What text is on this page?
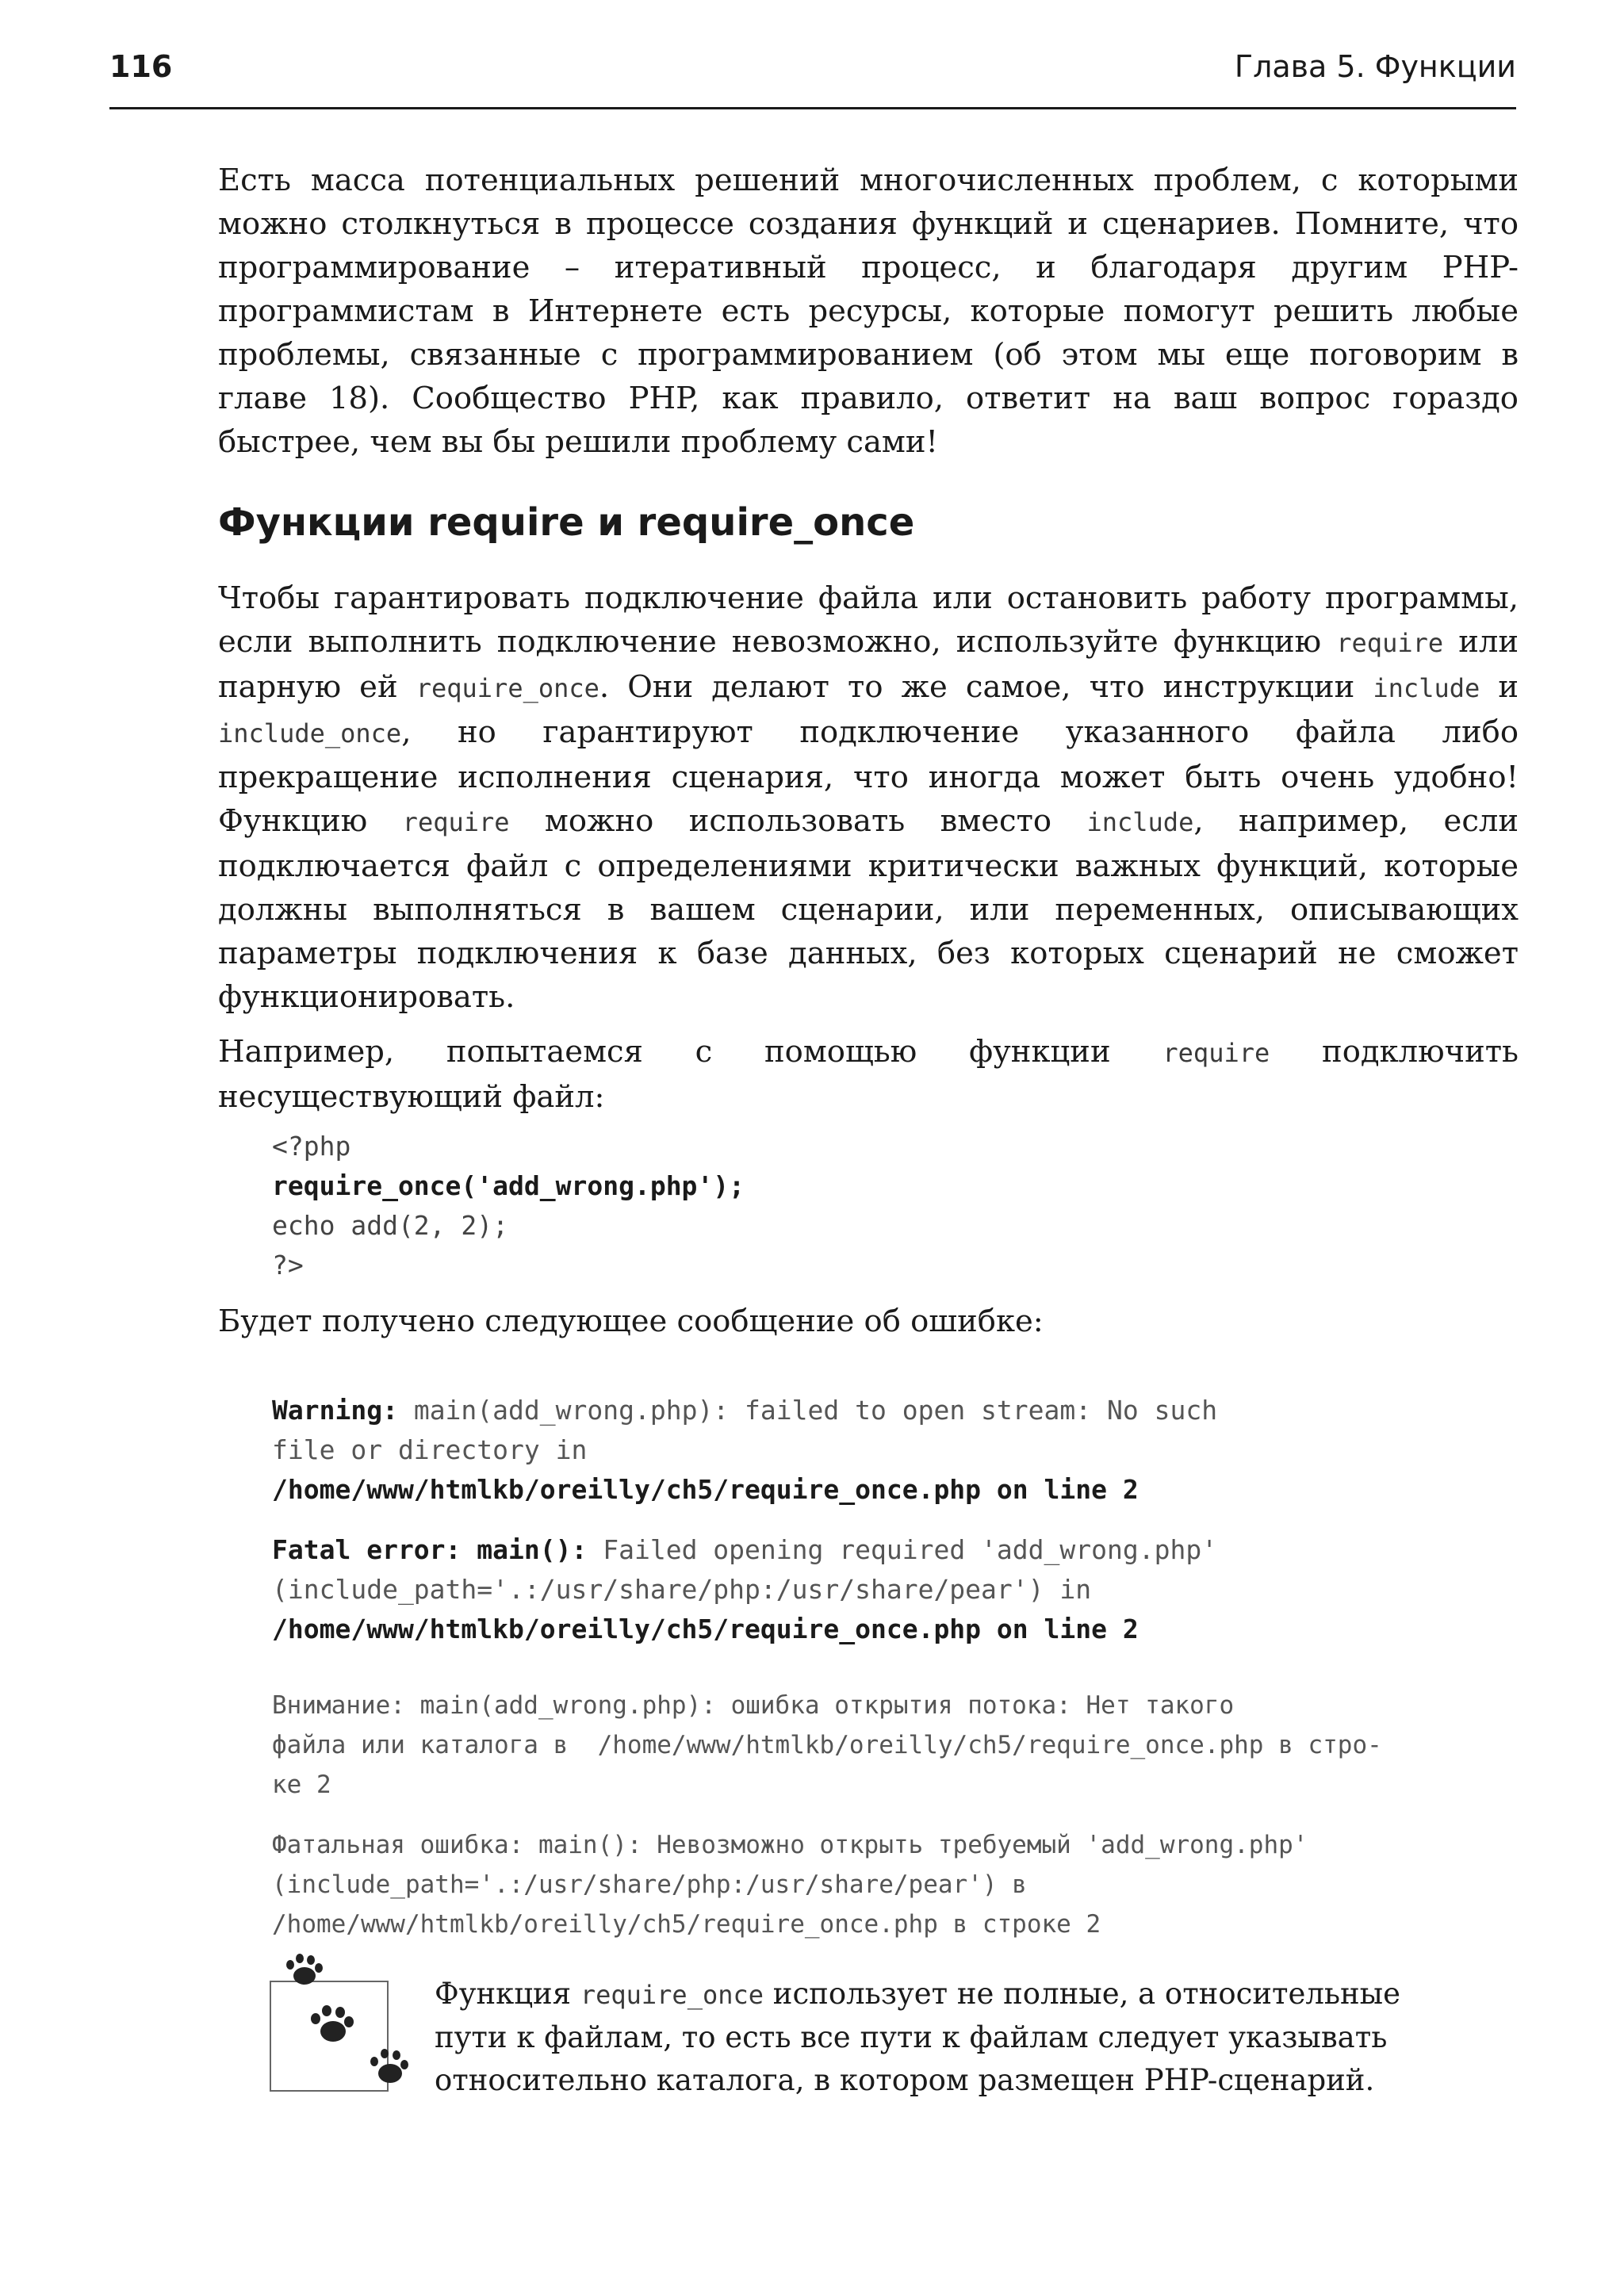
116	Глава 5. Функции

Есть масса потенциальных решений многочисленных проблем, с которыми можно столкнуться в процессе создания функций и сценариев. Помните, что программирование – итеративный процесс, и благодаря другим PHP-программистам в Интернете есть ресурсы, которые помогут решить любые проблемы, связанные с программированием (об этом мы еще поговорим в главе 18). Сообщество PHP, как правило, ответит на ваш вопрос гораздо быстрее, чем вы бы решили проблему сами!

Функции require и require_once

Чтобы гарантировать подключение файла или остановить работу программы, если выполнить подключение невозможно, используйте функцию require или парную ей require_once. Они делают то же самое, что инструкции include и include_once, но гарантируют подключение указанного файла либо прекращение исполнения сценария, что иногда может быть очень удобно! Функцию require можно использовать вместо include, например, если подключается файл с определениями критически важных функций, которые должны выполняться в вашем сценарии, или переменных, описывающих параметры подключения к базе данных, без которых сценарий не сможет функционировать.

Например, попытаемся с помощью функции require подключить несуществующий файл:

<?php
require_once('add_wrong.php');
echo add(2, 2);
?>

Будет получено следующее сообщение об ошибке:

Warning: main(add_wrong.php): failed to open stream: No such
file or directory in
/home/www/htmlkb/oreilly/ch5/require_once.php on line 2
Fatal error: main(): Failed opening required 'add_wrong.php'
(include_path='.:/usr/share/php:/usr/share/pear') in
/home/www/htmlkb/oreilly/ch5/require_once.php on line 2
Внимание: main(add_wrong.php): ошибка открытия потока: Нет такого
файла или каталога в  /home/www/htmlkb/oreilly/ch5/require_once.php в стро-
ке 2
Фатальная ошибка: main(): Невозможно открыть требуемый 'add_wrong.php'
(include_path='.:/usr/share/php:/usr/share/pear') в
/home/www/htmlkb/oreilly/ch5/require_once.php в строке 2

Функция require_once использует не полные, а относительные пути к файлам, то есть все пути к файлам следует указывать относительно каталога, в котором размещен PHP-сценарий.
